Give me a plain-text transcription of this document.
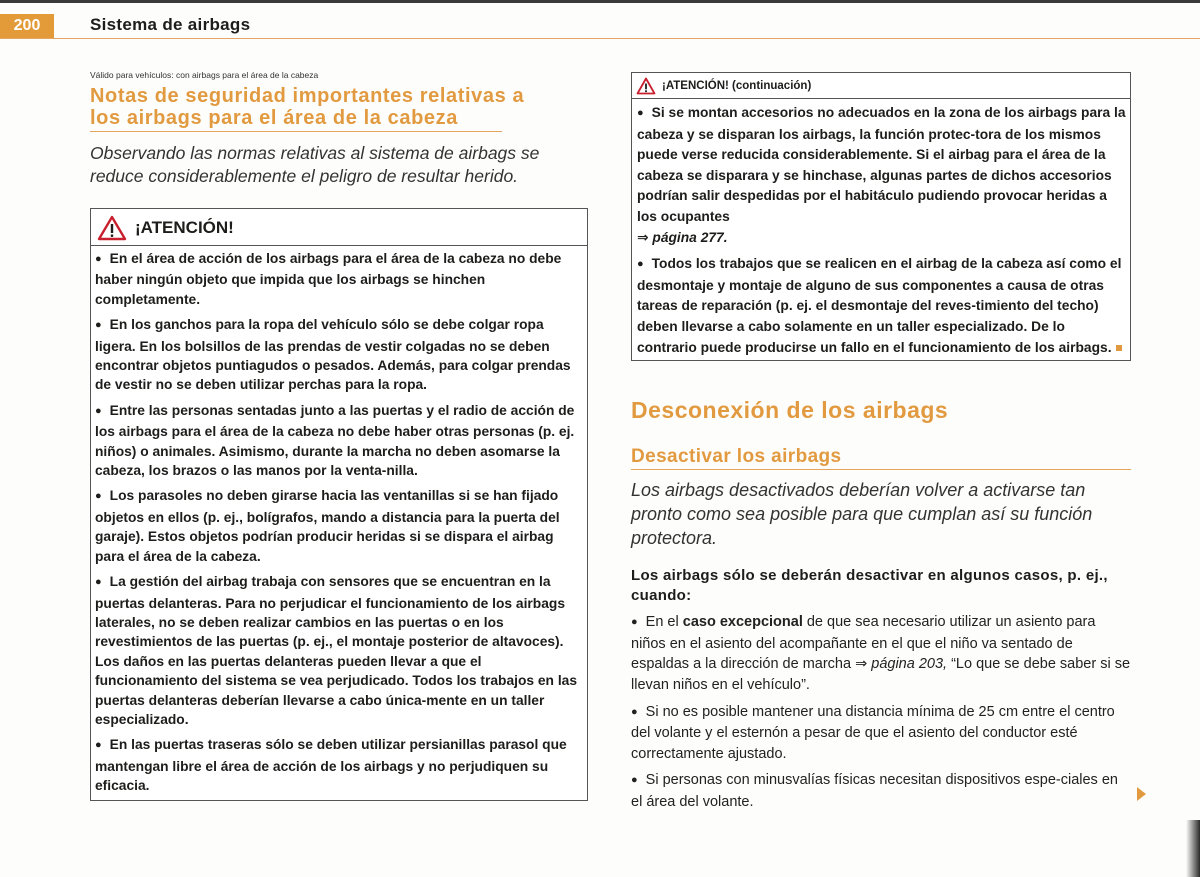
200	Sistema de airbags
Válido para vehículos: con airbags para el área de la cabeza
Notas de seguridad importantes relativas a
los airbags para el área de la cabeza

Observando las normas relativas al sistema de airbags se reduce considerablemente el peligro de resultar herido.

¡ATENCIÓN!

● En el área de acción de los airbags para el área de la cabeza no debe haber ningún objeto que impida que los airbags se hinchen completamente.

● En los ganchos para la ropa del vehículo sólo se debe colgar ropa ligera. En los bolsillos de las prendas de vestir colgadas no se deben encontrar objetos puntiagudos o pesados. Además, para colgar prendas de vestir no se deben utilizar perchas para la ropa.

● Entre las personas sentadas junto a las puertas y el radio de acción de los airbags para el área de la cabeza no debe haber otras personas (p. ej. niños) o animales. Asimismo, durante la marcha no deben asomarse la cabeza, los brazos o las manos por la venta-nilla.

● Los parasoles no deben girarse hacia las ventanillas si se han fijado objetos en ellos (p. ej., bolígrafos, mando a distancia para la puerta del garaje). Estos objetos podrían producir heridas si se dispara el airbag para el área de la cabeza.

● La gestión del airbag trabaja con sensores que se encuentran en la puertas delanteras. Para no perjudicar el funcionamiento de los airbags laterales, no se deben realizar cambios en las puertas o en los revestimientos de las puertas (p. ej., el montaje posterior de altavoces). Los daños en las puertas delanteras pueden llevar a que el funcionamiento del sistema se vea perjudicado. Todos los trabajos en las puertas delanteras deberían llevarse a cabo única-mente en un taller especializado.

● En las puertas traseras sólo se deben utilizar persianillas parasol que mantengan libre el área de acción de los airbags y no perjudiquen su eficacia.

¡ATENCIÓN! (continuación)

● Si se montan accesorios no adecuados en la zona de los airbags para la cabeza y se disparan los airbags, la función protec-tora de los mismos puede verse reducida considerablemente. Si el airbag para el área de la cabeza se disparara y se hinchase, algunas partes de dichos accesorios podrían salir despedidas por el habitáculo pudiendo provocar heridas a los ocupantes
⇒ página 277.

● Todos los trabajos que se realicen en el airbag de la cabeza así como el desmontaje y montaje de alguno de sus componentes a causa de otras tareas de reparación (p. ej. el desmontaje del reves-timiento del techo) deben llevarse a cabo solamente en un taller especializado. De lo contrario puede producirse un fallo en el funcionamiento de los airbags.

Desconexión de los airbags
Desactivar los airbags

Los airbags desactivados deberían volver a activarse tan pronto como sea posible para que cumplan así su función protectora.

Los airbags sólo se deberán desactivar en algunos casos, p. ej., cuando:

● En el caso excepcional de que sea necesario utilizar un asiento para niños en el asiento del acompañante en el que el niño va sentado de espaldas a la dirección de marcha ⇒ página 203, “Lo que se debe saber si se llevan niños en el vehículo”.

● Si no es posible mantener una distancia mínima de 25 cm entre el centro del volante y el esternón a pesar de que el asiento del conductor esté correctamente ajustado.

● Si personas con minusvalías físicas necesitan dispositivos espe-ciales en el área del volante.
